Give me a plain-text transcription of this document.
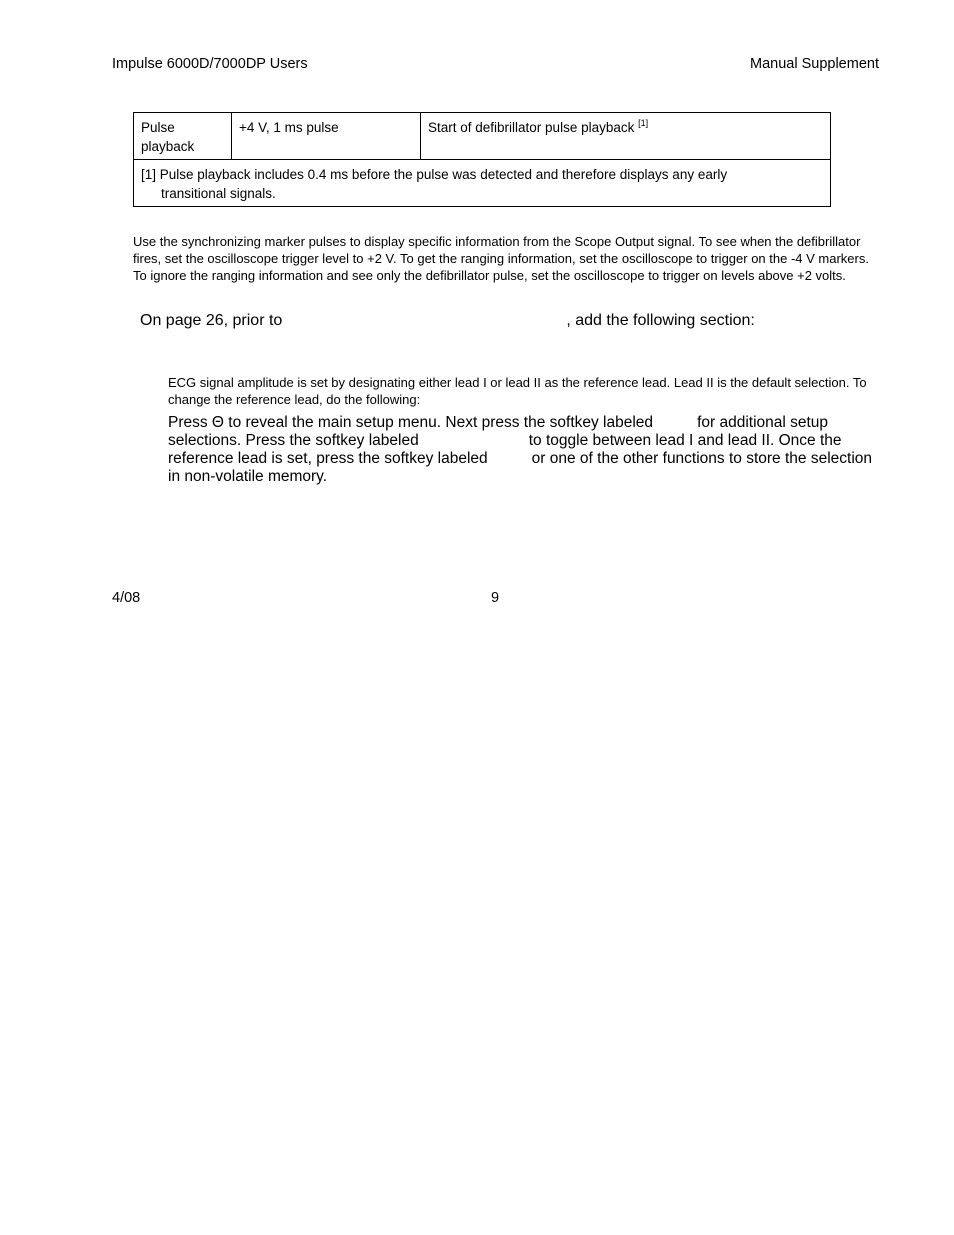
Impulse 6000D/7000DP Users	Manual Supplement
Pulse playback	+4 V, 1 ms pulse	Start of defibrillator pulse playback [1]
[1] Pulse playback includes 0.4 ms before the pulse was detected and therefore displays any early
transitional signals.

Use the synchronizing marker pulses to display specific information from the Scope Output signal. To see when the defibrillator fires, set the oscilloscope trigger level to +2 V. To get the ranging information, set the oscilloscope to trigger on the -4 V markers. To ignore the ranging information and see only the defibrillator pulse, set the oscilloscope to trigger on levels above +2 volts.

On page 26, prior to	, add the following section:

ECG signal amplitude is set by designating either lead I or lead II as the reference lead. Lead II is the default selection. To change the reference lead, do the following:

Press Θ to reveal the main setup menu. Next press the softkey labeled	for additional setup selections. Press the softkey labeled	to toggle between lead I and lead II. Once the reference lead is set, press the softkey labeled	or one of the other functions to store the selection in non-volatile memory.

4/08	9
